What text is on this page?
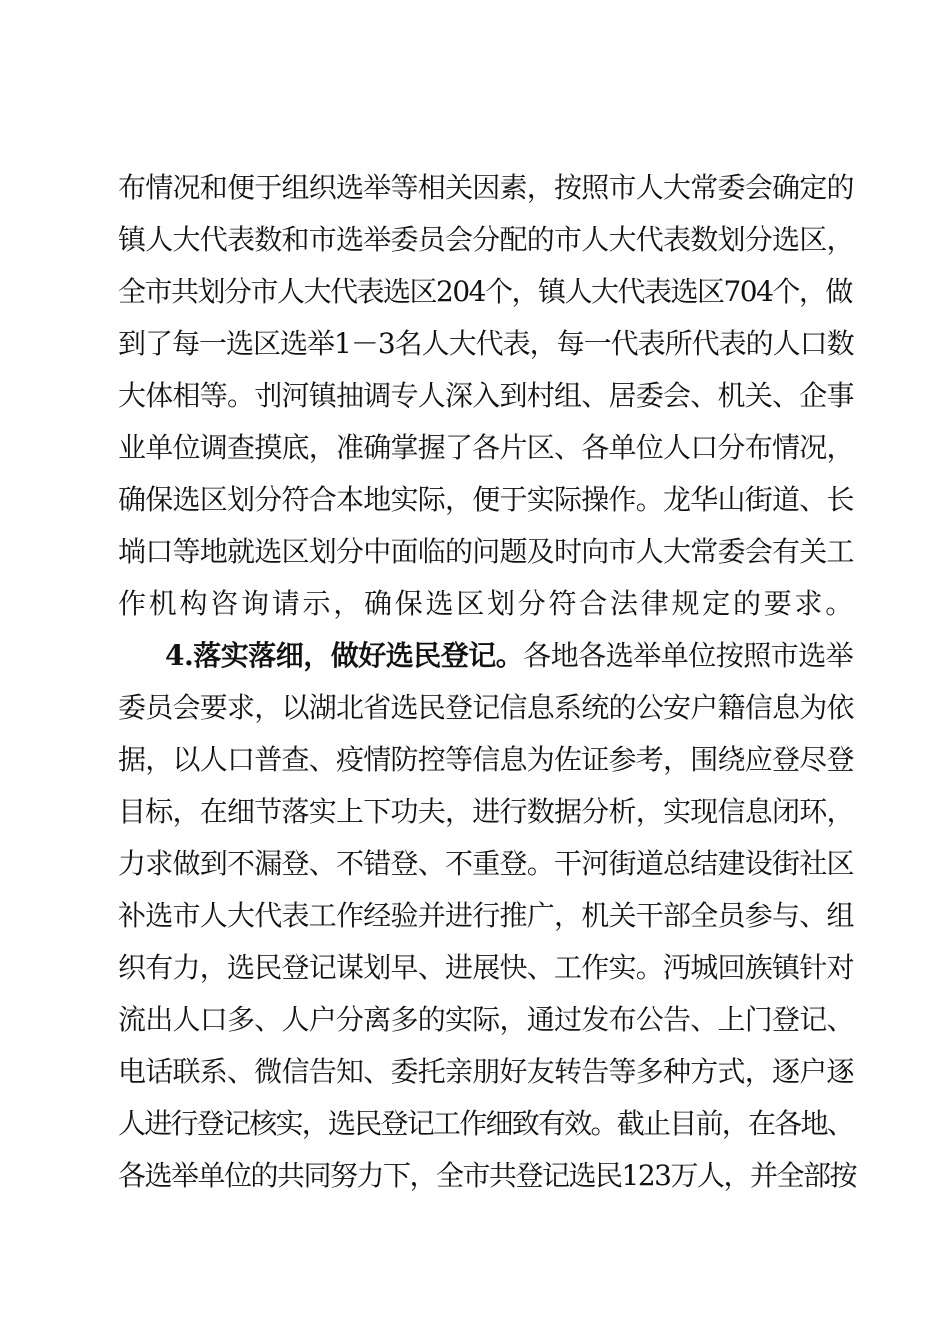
布情况和便于组织选举等相关因素，按照市人大常委会确定的
镇人大代表数和市选举委员会分配的市人大代表数划分选区，
全市共划分市人大代表选区204个，镇人大代表选区704个，做
到了每一选区选举1－3名人大代表，每一代表所代表的人口数
大体相等。刌河镇抽调专人深入到村组、居委会、机关、企事
业单位调查摸底，准确掌握了各片区、各单位人口分布情况，
确保选区划分符合本地实际，便于实际操作。龙华山街道、长
埫口等地就选区划分中面临的问题及时向市人大常委会有关工
作机构咨询请示，确保选区划分符合法律规定的要求。
4.落实落细，做好选民登记。各地各选举单位按照市选举
委员会要求，以湖北省选民登记信息系统的公安户籍信息为依
据，以人口普查、疫情防控等信息为佐证参考，围绕应登尽登
目标，在细节落实上下功夫，进行数据分析，实现信息闭环，
力求做到不漏登、不错登、不重登。干河街道总结建设街社区
补选市人大代表工作经验并进行推广，机关干部全员参与、组
织有力，选民登记谋划早、进展快、工作实。沔城回族镇针对
流出人口多、人户分离多的实际，通过发布公告、上门登记、
电话联系、微信告知、委托亲朋好友转告等多种方式，逐户逐
人进行登记核实，选民登记工作细致有效。截止目前，在各地、
各选举单位的共同努力下，全市共登记选民123万人，并全部按
